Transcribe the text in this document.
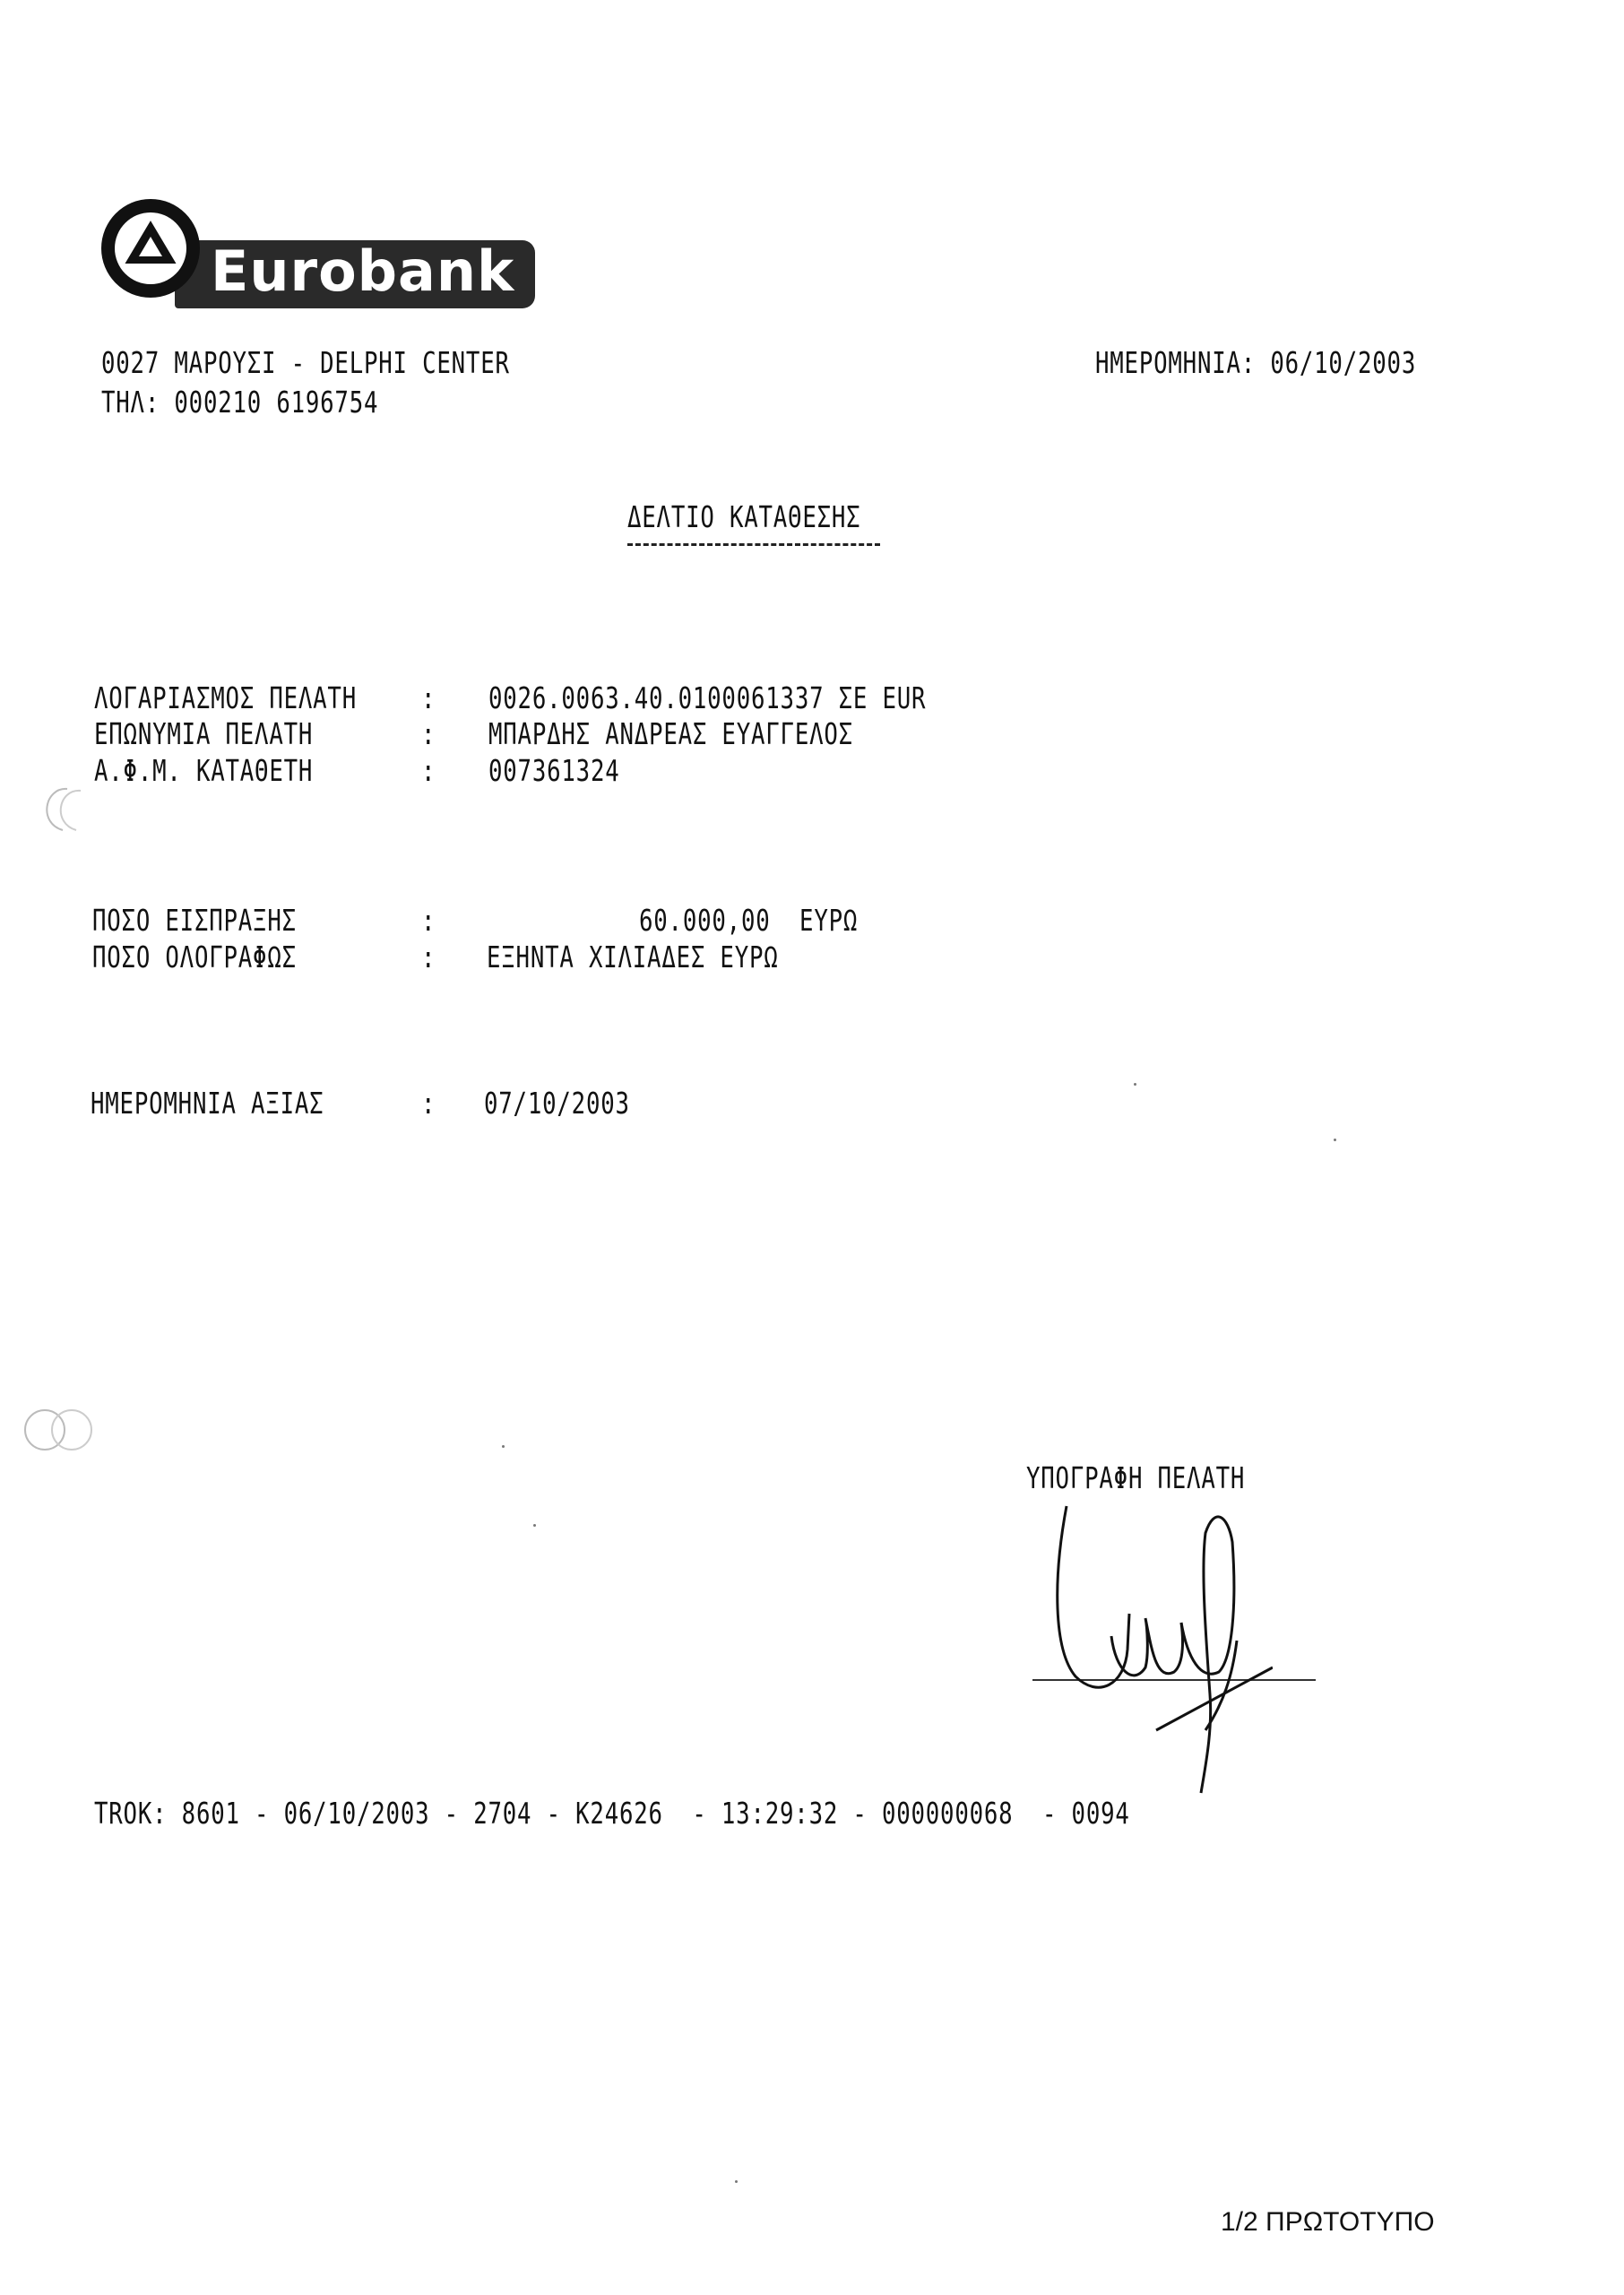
Eurobank
0027 ΜΑΡΟΥΣΙ - DELPHI CENTER
ΤΗΛ: 000210 6196754
ΗΜΕΡΟΜΗΝΙΑ: 06/10/2003
ΔΕΛΤΙΟ ΚΑΤΑΘΕΣΗΣ
ΛΟΓΑΡΙΑΣΜΟΣ ΠΕΛΑΤΗ : 0026.0063.40.0100061337 ΣΕ EUR
ΕΠΩΝΥΜΙΑ ΠΕΛΑΤΗ	: ΜΠΑΡΔΗΣ ΑΝΔΡΕΑΣ ΕΥΑΓΓΕΛΟΣ
Α.Φ.Μ. ΚΑΤΑΘΕΤΗ	: 007361324
ΠΟΣΟ ΕΙΣΠΡΑΞΗΣ	:	60.000,00  ΕΥΡΩ
ΠΟΣΟ ΟΛΟΓΡΑΦΩΣ	: ΕΞΗΝΤΑ ΧΙΛΙΑΔΕΣ ΕΥΡΩ
ΗΜΕΡΟΜΗΝΙΑ ΑΞΙΑΣ	: 07/10/2003
ΥΠΟΓΡΑΦΗ ΠΕΛΑΤΗ
TRΟΚ: 8601 - 06/10/2003 - 2704 - Κ24626  - 13:29:32 - 000000068  - 0094
1/2 ΠΡΩΤΟΤΥΠΟ
